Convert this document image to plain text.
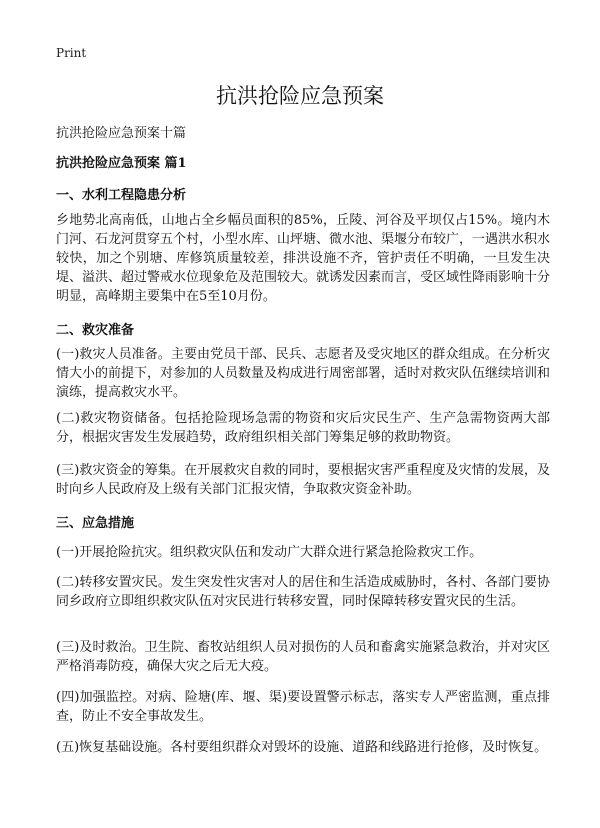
Print
抗洪抢险应急预案
抗洪抢险应急预案十篇
抗洪抢险应急预案 篇1
一、水利工程隐患分析

乡地势北高南低，山地占全乡幅员面积的85%，丘陵、河谷及平坝仅占15%。境内木门河、石龙河贯穿五个村，小型水库、山坪塘、微水池、渠堰分布较广，一遇洪水积水较快，加之个别塘、库修筑质量较差，排洪设施不齐，管护责任不明确，一旦发生决堤、溢洪、超过警戒水位现象危及范围较大。就诱发因素而言，受区域性降雨影响十分明显，高峰期主要集中在5至10月份。

二、救灾准备

(一)救灾人员准备。主要由党员干部、民兵、志愿者及受灾地区的群众组成。在分析灾情大小的前提下，对参加的人员数量及构成进行周密部署，适时对救灾队伍继续培训和演练，提高救灾水平。

(二)救灾物资储备。包括抢险现场急需的物资和灾后灾民生产、生产急需物资两大部分，根据灾害发生发展趋势，政府组织相关部门筹集足够的救助物资。

(三)救灾资金的筹集。在开展救灾自救的同时，要根据灾害严重程度及灾情的发展，及时向乡人民政府及上级有关部门汇报灾情，争取救灾资金补助。

三、应急措施

(一)开展抢险抗灾。组织救灾队伍和发动广大群众进行紧急抢险救灾工作。

(二)转移安置灾民。发生突发性灾害对人的居住和生活造成威胁时，各村、各部门要协同乡政府立即组织救灾队伍对灾民进行转移安置，同时保障转移安置灾民的生活。

(三)及时救治。卫生院、畜牧站组织人员对损伤的人员和畜禽实施紧急救治，并对灾区严格消毒防疫，确保大灾之后无大疫。

(四)加强监控。对病、险塘(库、堰、渠)要设置警示标志，落实专人严密监测，重点排查，防止不安全事故发生。

(五)恢复基础设施。各村要组织群众对毁坏的设施、道路和线路进行抢修，及时恢复。
